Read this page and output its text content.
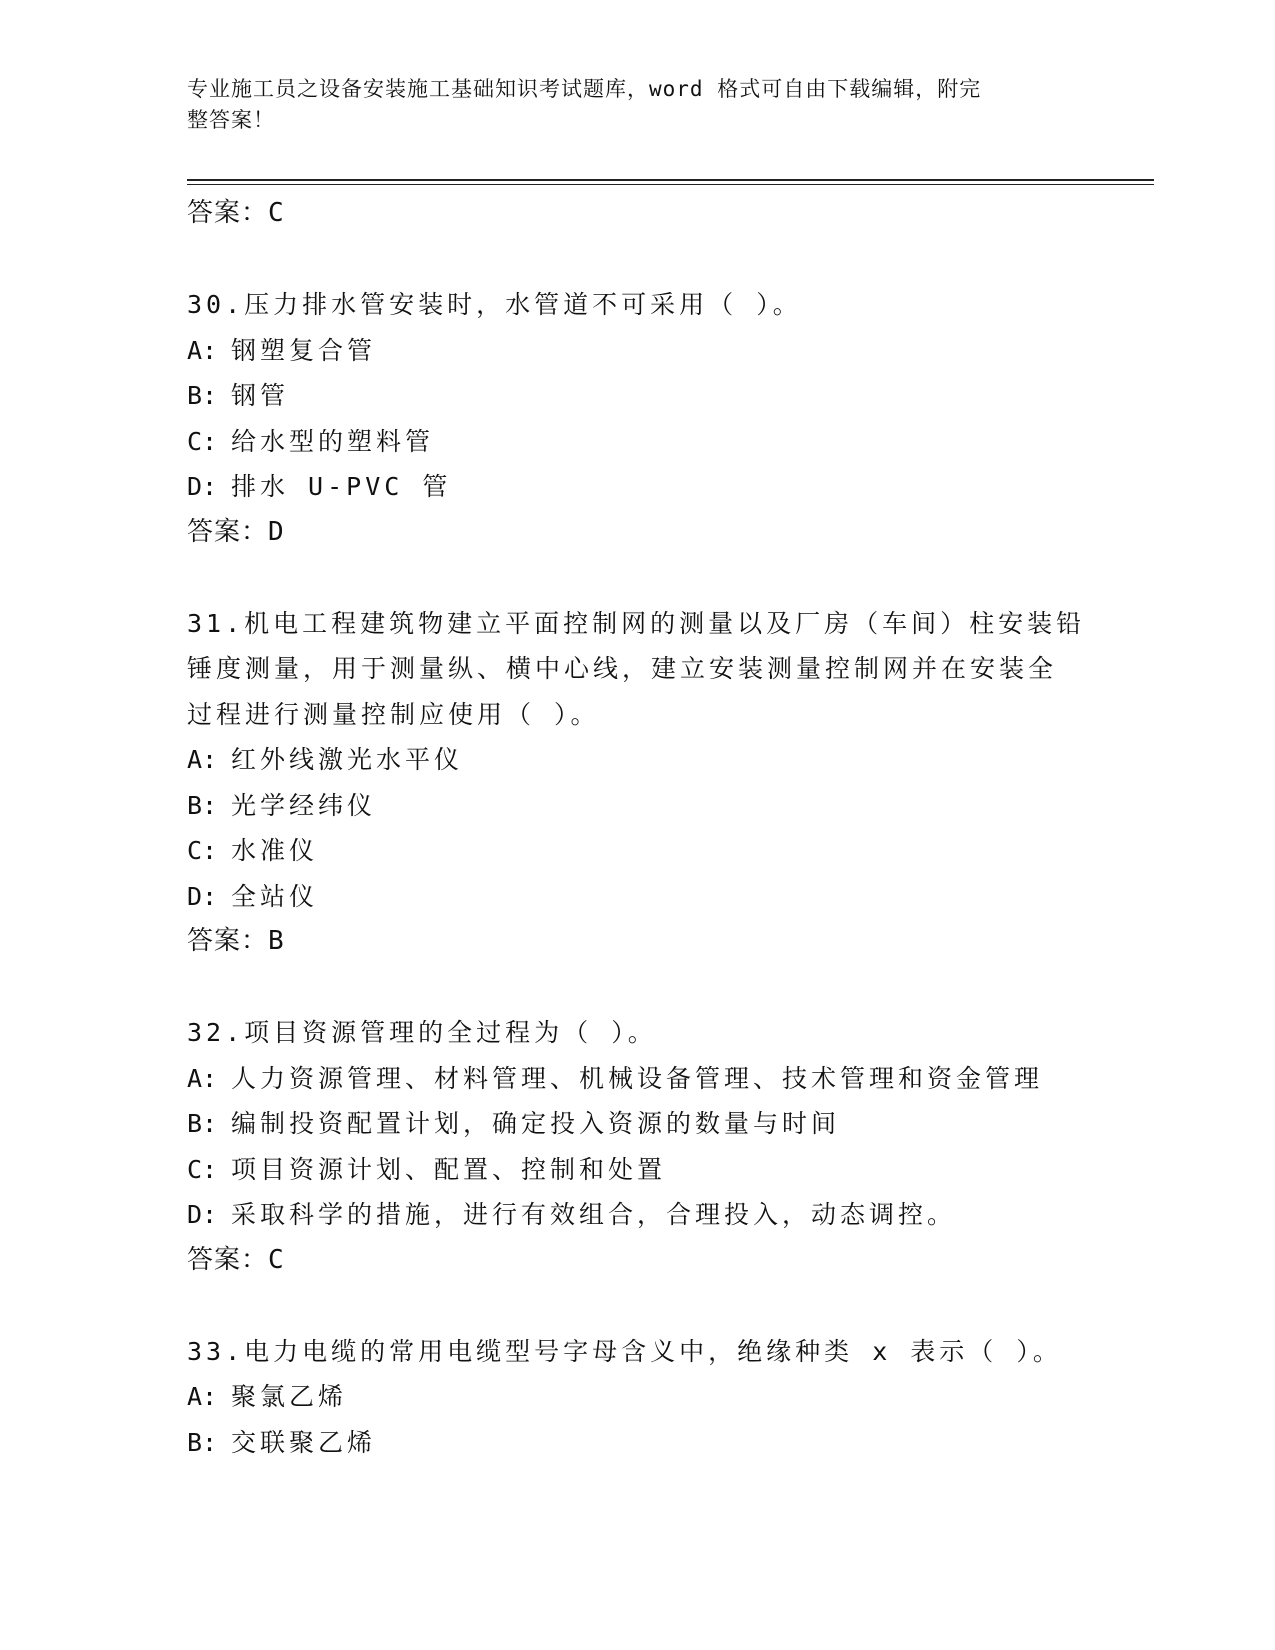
专业施工员之设备安装施工基础知识考试题库，word 格式可自由下载编辑，附完
整答案！
答案：C
30.压力排水管安装时，水管道不可采用（ ）。
A: 钢塑复合管
B: 钢管
C: 给水型的塑料管
D: 排水 U-PVC 管
答案：D
31.机电工程建筑物建立平面控制网的测量以及厂房（车间）柱安装铅
锤度测量，用于测量纵、横中心线，建立安装测量控制网并在安装全
过程进行测量控制应使用（ ）。
A: 红外线激光水平仪
B: 光学经纬仪
C: 水准仪
D: 全站仪
答案：B
32.项目资源管理的全过程为（ ）。
A: 人力资源管理、材料管理、机械设备管理、技术管理和资金管理
B: 编制投资配置计划，确定投入资源的数量与时间
C: 项目资源计划、配置、控制和处置
D: 采取科学的措施，进行有效组合，合理投入，动态调控。
答案：C
33.电力电缆的常用电缆型号字母含义中，绝缘种类 x 表示（ ）。
A: 聚氯乙烯
B: 交联聚乙烯
